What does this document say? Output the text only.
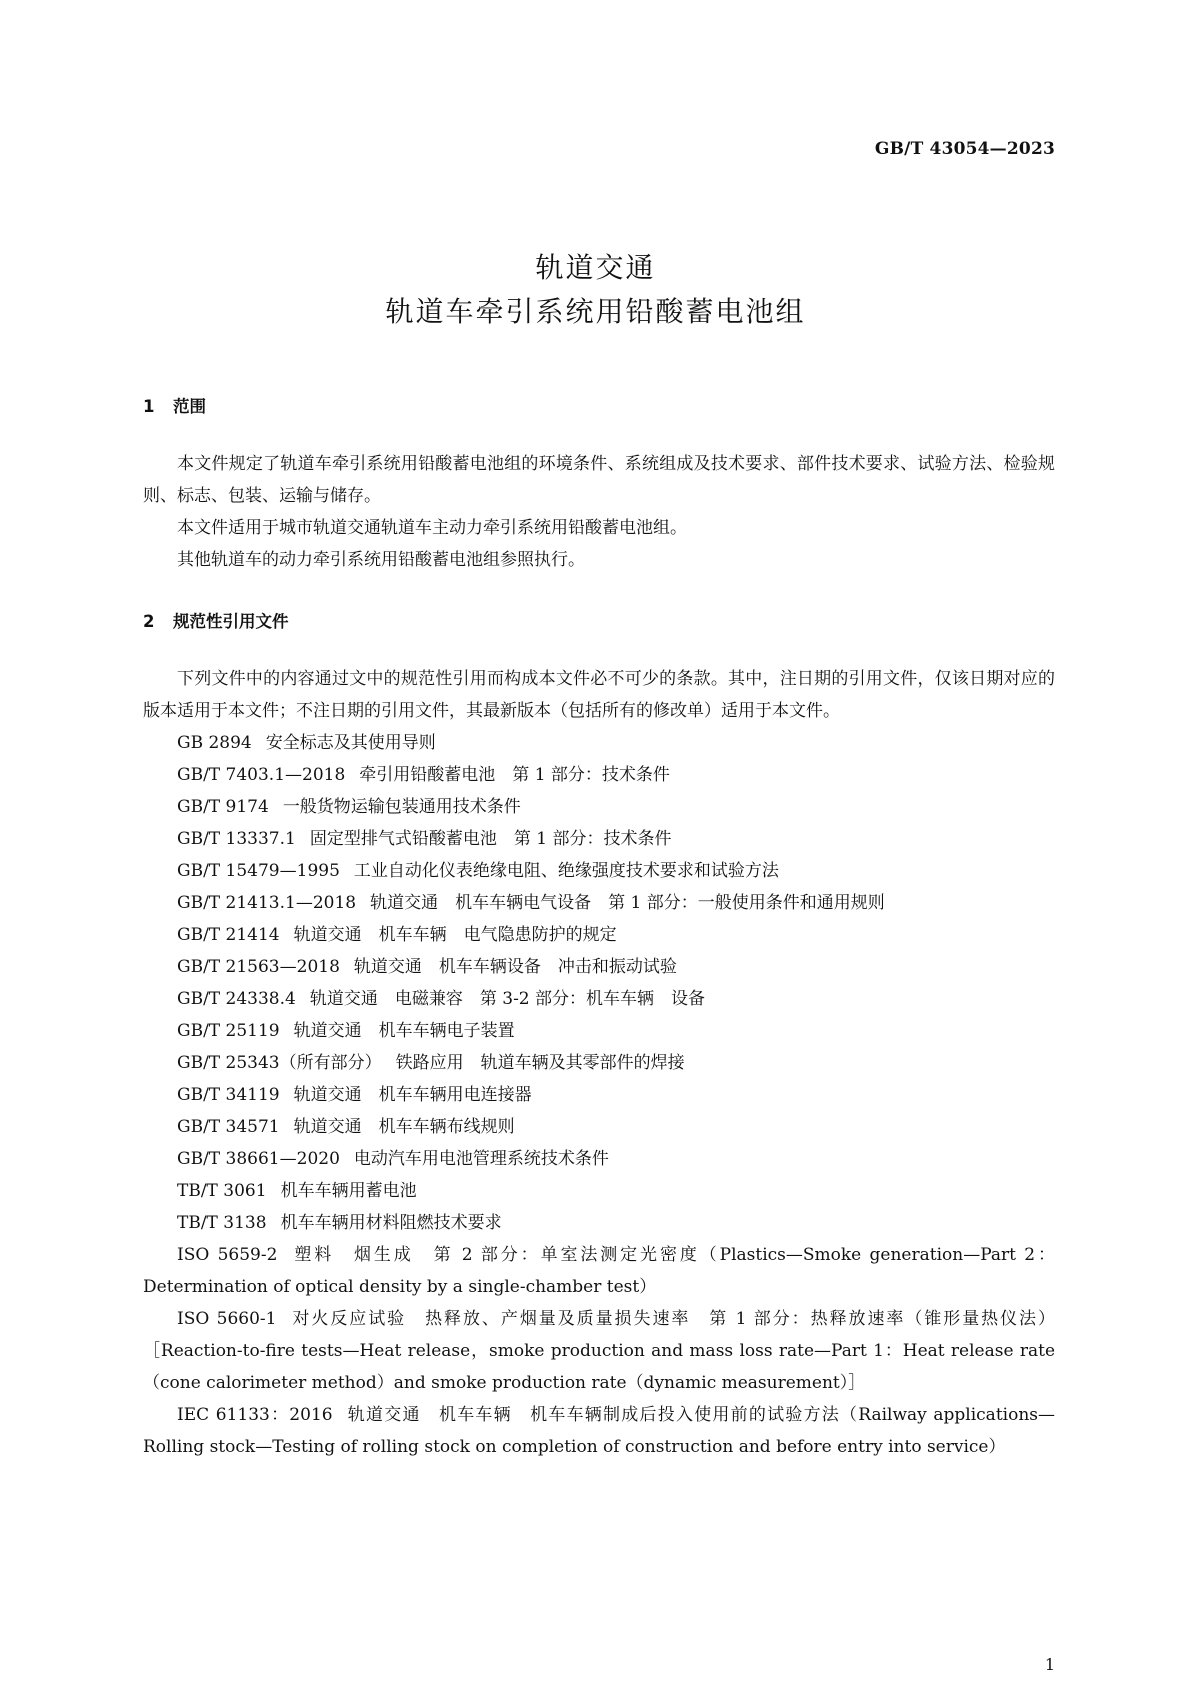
GB/T 43054—2023
轨道交通
轨道车牵引系统用铅酸蓄电池组
1 范围
本文件规定了轨道车牵引系统用铅酸蓄电池组的环境条件、系统组成及技术要求、部件技术要求、试验方法、检验规则、标志、包装、运输与储存。
本文件适用于城市轨道交通轨道车主动力牵引系统用铅酸蓄电池组。
其他轨道车的动力牵引系统用铅酸蓄电池组参照执行。
2 规范性引用文件
下列文件中的内容通过文中的规范性引用而构成本文件必不可少的条款。其中，注日期的引用文件，仅该日期对应的版本适用于本文件；不注日期的引用文件，其最新版本（包括所有的修改单）适用于本文件。
GB 2894 安全标志及其使用导则
GB/T 7403.1—2018 牵引用铅酸蓄电池　第 1 部分：技术条件
GB/T 9174 一般货物运输包装通用技术条件
GB/T 13337.1 固定型排气式铅酸蓄电池　第 1 部分：技术条件
GB/T 15479—1995 工业自动化仪表绝缘电阻、绝缘强度技术要求和试验方法
GB/T 21413.1—2018 轨道交通　机车车辆电气设备　第 1 部分：一般使用条件和通用规则
GB/T 21414 轨道交通　机车车辆　电气隐患防护的规定
GB/T 21563—2018 轨道交通　机车车辆设备　冲击和振动试验
GB/T 24338.4 轨道交通　电磁兼容　第 3-2 部分：机车车辆　设备
GB/T 25119 轨道交通　机车车辆电子装置
GB/T 25343（所有部分） 铁路应用　轨道车辆及其零部件的焊接
GB/T 34119 轨道交通　机车车辆用电连接器
GB/T 34571 轨道交通　机车车辆布线规则
GB/T 38661—2020 电动汽车用电池管理系统技术条件
TB/T 3061 机车车辆用蓄电池
TB/T 3138 机车车辆用材料阻燃技术要求
ISO 5659-2 塑料　烟生成　第 2 部分：单室法测定光密度（Plastics—Smoke generation—Part 2：Determination of optical density by a single-chamber test）
ISO 5660-1 对火反应试验　热释放、产烟量及质量损失速率　第 1 部分：热释放速率（锥形量热仪法）［Reaction-to-fire tests—Heat release，smoke production and mass loss rate—Part 1：Heat release rate（cone calorimeter method）and smoke production rate（dynamic measurement）］
IEC 61133：2016 轨道交通　机车车辆　机车车辆制成后投入使用前的试验方法（Railway applications—Rolling stock—Testing of rolling stock on completion of construction and before entry into service）
1
